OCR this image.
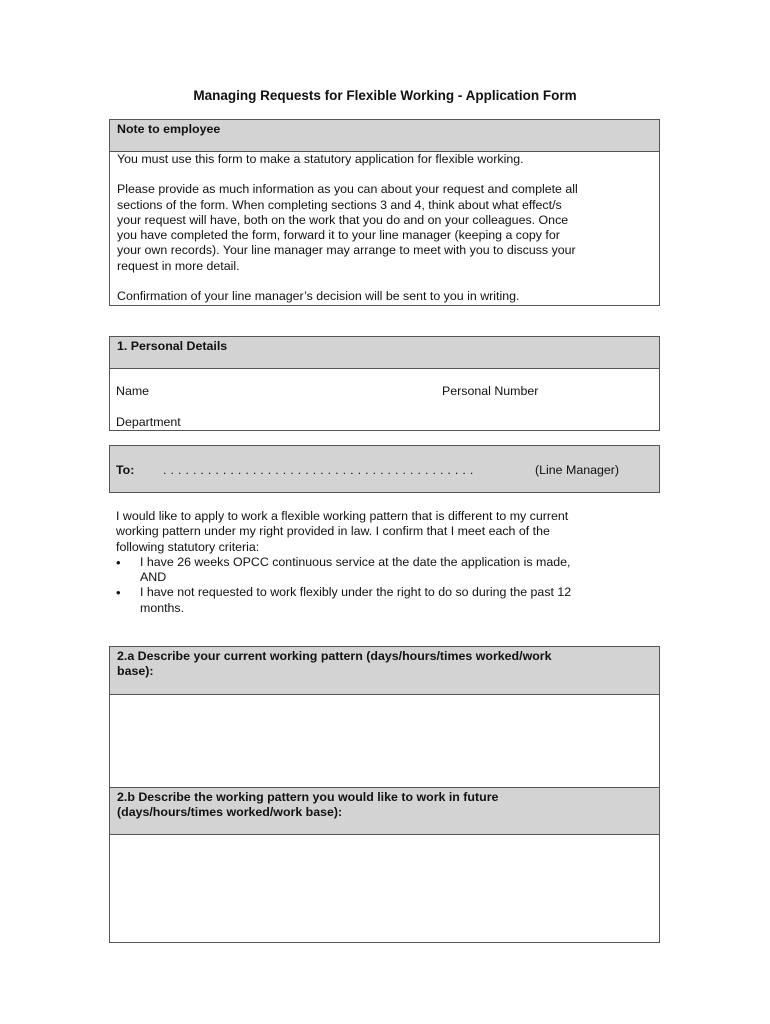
Managing Requests for Flexible Working - Application Form
Note to employee

You must use this form to make a statutory application for flexible working.

Please provide as much information as you can about your request and complete all
sections of the form. When completing sections 3 and 4, think about what effect/s
your request will have, both on the work that you do and on your colleagues. Once
you have completed the form, forward it to your line manager (keeping a copy for
your own records). Your line manager may arrange to meet with you to discuss your
request in more detail.

Confirmation of your line manager’s decision will be sent to you in writing.

1. Personal Details
Name	Personal Number
Department
To: . . . . . . . . . . . . . . . . . . . . . . . . . . . . . . . . . . . . . . . . . .	(Line Manager)

I would like to apply to work a flexible working pattern that is different to my current
working pattern under my right provided in law. I confirm that I meet each of the
following statutory criteria:

• I have 26 weeks OPCC continuous service at the date the application is made,
AND
• I have not requested to work flexibly under the right to do so during the past 12
months.
2.a Describe your current working pattern (days/hours/times worked/work
base):
2.b Describe the working pattern you would like to work in future
(days/hours/times worked/work base):
